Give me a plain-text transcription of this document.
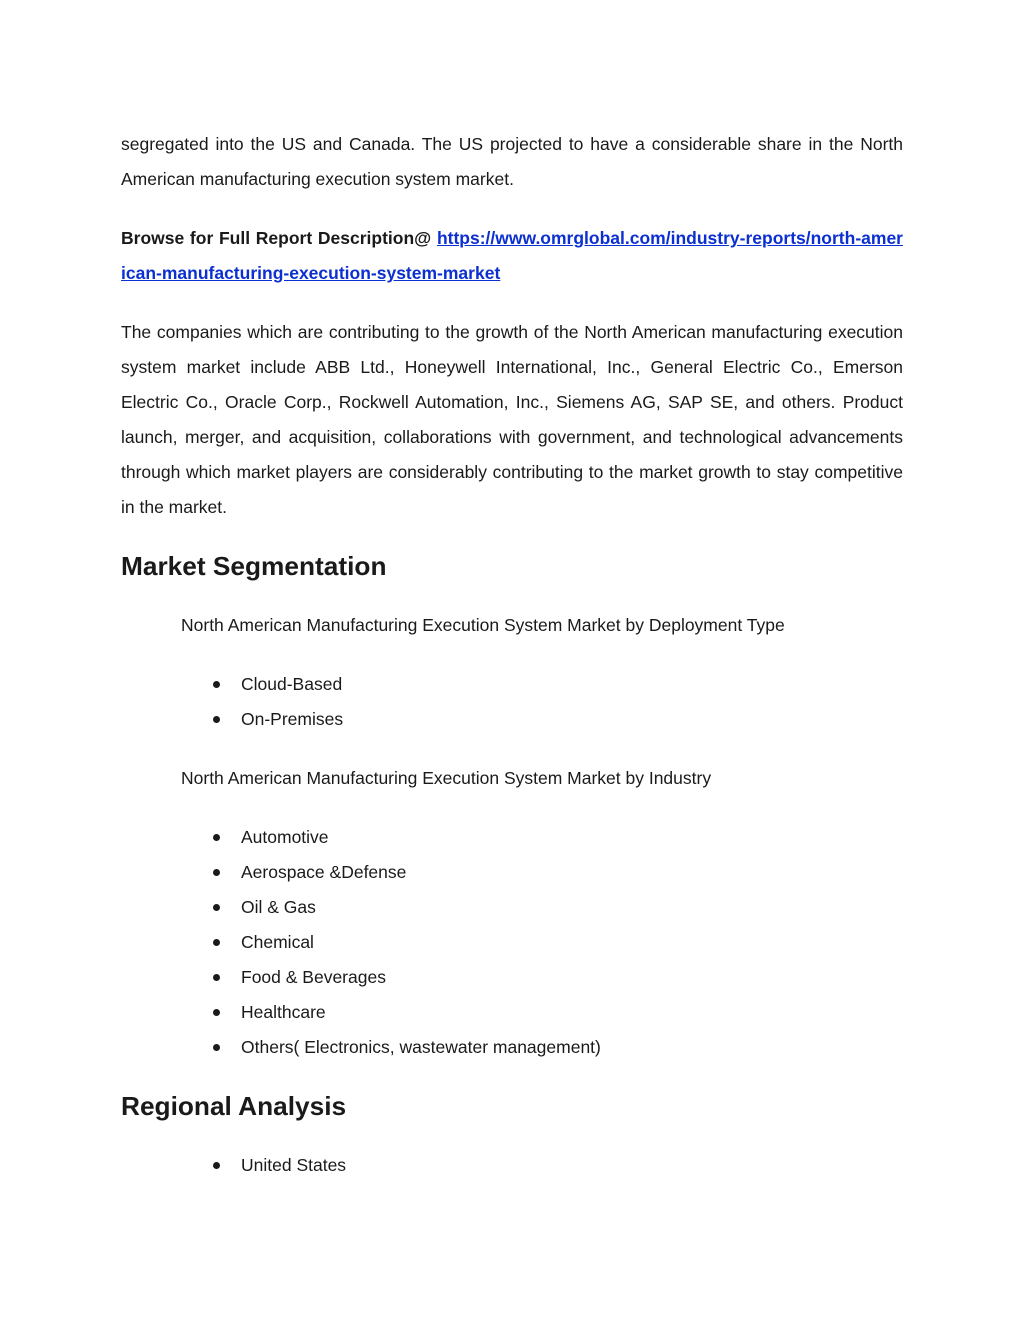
segregated into the US and Canada. The US projected to have a considerable share in the North American manufacturing execution system market.

Browse for Full Report Description@ https://www.omrglobal.com/industry-reports/north-american-manufacturing-execution-system-market

The companies which are contributing to the growth of the North American manufacturing execution system market include ABB Ltd., Honeywell International, Inc., General Electric Co., Emerson Electric Co., Oracle Corp., Rockwell Automation, Inc., Siemens AG, SAP SE, and others. Product launch, merger, and acquisition, collaborations with government, and technological advancements through which market players are considerably contributing to the market growth to stay competitive in the market.

Market Segmentation

North American Manufacturing Execution System Market by Deployment Type

Cloud-Based
On-Premises

North American Manufacturing Execution System Market by Industry

Automotive
Aerospace &Defense
Oil & Gas
Chemical
Food & Beverages
Healthcare
Others( Electronics, wastewater management)
Regional Analysis
United States
